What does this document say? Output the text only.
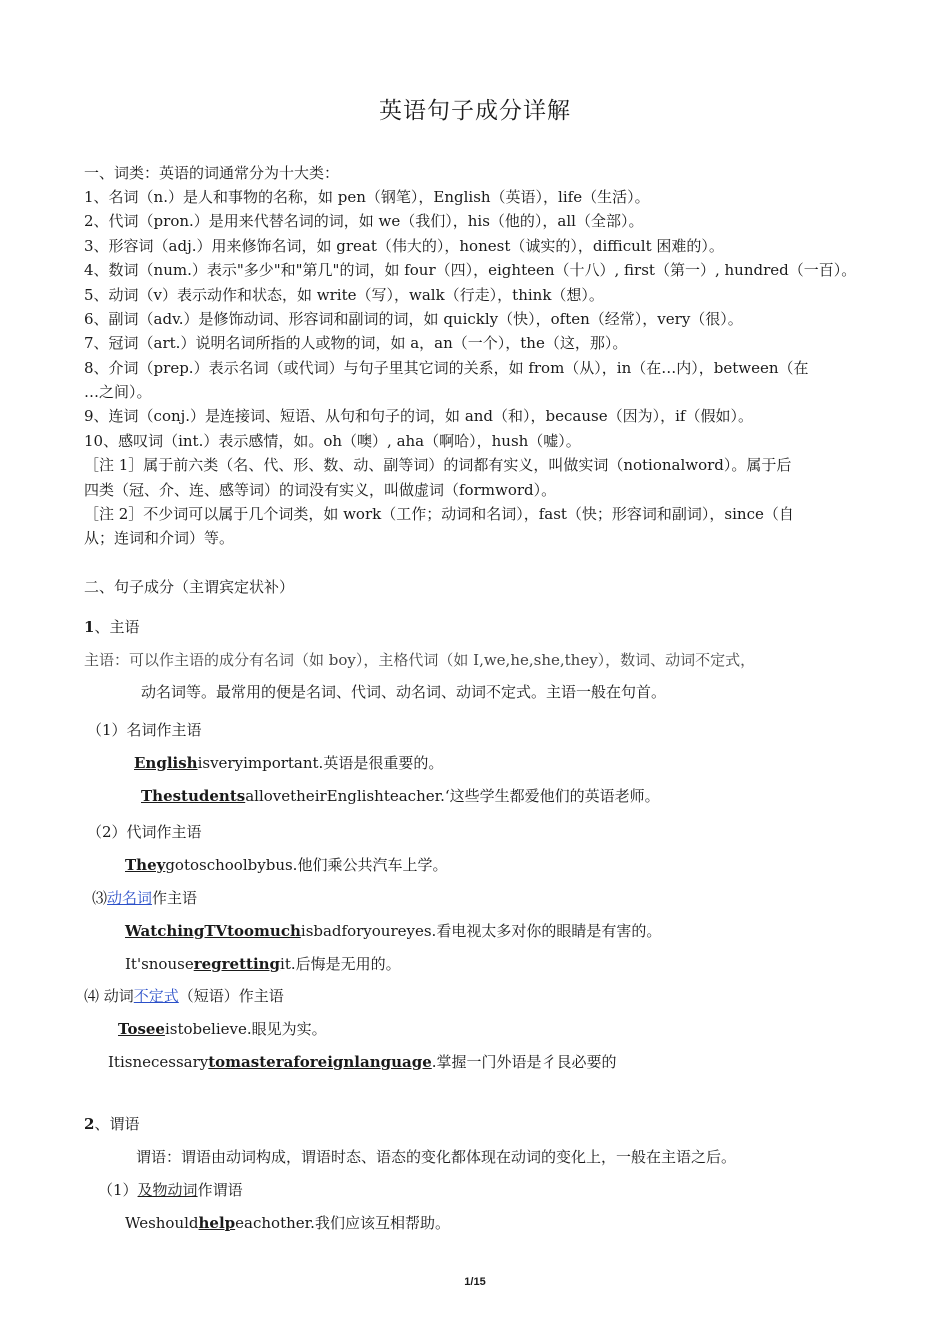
英语句子成分详解
一、词类：英语的词通常分为十大类：
1、名词（n.）是人和事物的名称，如 pen（钢笔），English（英语），life（生活）。
2、代词（pron.）是用来代替名词的词，如 we（我们），his（他的），all（全部）。
3、形容词（adj.）用来修饰名词，如 great（伟大的），honest（诚实的），difficult 困难的）。
4、数词（num.）表示"多少"和"第几"的词，如 four（四），eighteen（十八）, first（第一）, hundred（一百）。
5、动词（v）表示动作和状态，如 write（写），walk（行走），think（想）。
6、副词（adv.）是修饰动词、形容词和副词的词，如 quickly（快），often（经常），very（很）。
7、冠词（art.）说明名词所指的人或物的词，如 a，an（一个），the（这，那）。
8、介词（prep.）表示名词（或代词）与句子里其它词的关系，如 from（从），in（在…内），between（在
…之间）。
9、连词（conj.）是连接词、短语、从句和句子的词，如 and（和），because（因为），if（假如）。
10、感叹词（int.）表示感情，如。oh（噢）, aha（啊哈），hush（嘘）。
［注 1］属于前六类（名、代、形、数、动、副等词）的词都有实义，叫做实词（notionalword）。属于后
四类（冠、介、连、感等词）的词没有实义，叫做虚词（formword）。
［注 2］不少词可以属于几个词类，如 work（工作；动词和名词），fast（快；形容词和副词），since（自
从；连词和介词）等。
二、句子成分（主谓宾定状补）
1、主语
主语：可以作主语的成分有名词（如 boy），主格代词（如 I,we,he,she,they），数词、动词不定式，
动名词等。最常用的便是名词、代词、动名词、动词不定式。主语一般在句首。
（1）名词作主语
Englishisveryimportant.英语是很重要的。
ThestudentsallovetheirEnglishteacher.‘这些学生都爱他们的英语老师。
（2）代词作主语
Theygotoschoolbybus.他们乘公共汽车上学。
⑶动名词作主语
WatchingTVtoomuchisbadforyoureyes.看电视太多对你的眼睛是有害的。
It'snouseregrettingit.后悔是无用的。
⑷ 动词不定式（短语）作主语
Toseeistobelieve.眼见为实。
Itisnecessarytomasteraforeignlanguage.掌握一门外语是彳艮必要的
2、谓语
谓语：谓语由动词构成，谓语时态、语态的变化都体现在动词的变化上，一般在主语之后。
（1）及物动词作谓语
Weshouldhelpeachother.我们应该互相帮助。
1/15
